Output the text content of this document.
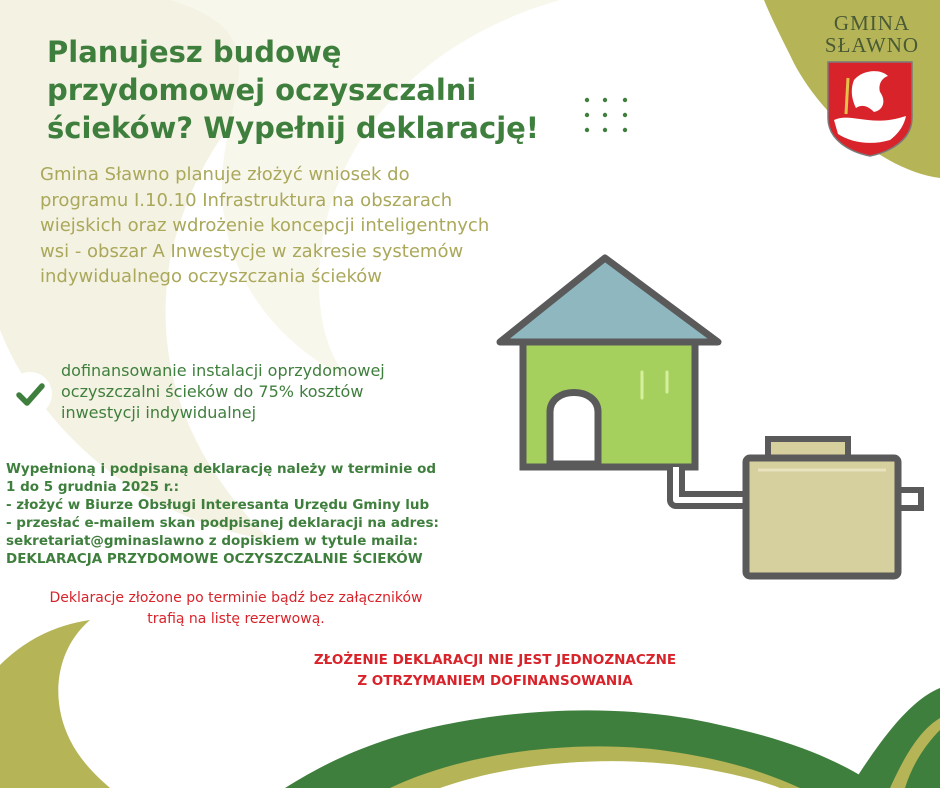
GMINA
SŁAWNO
Planujesz budowę
przydomowej oczyszczalni
ścieków? Wypełnij deklarację!

Gmina Sławno planuje złożyć wniosek do programu I.10.10 Infrastruktura na obszarach wiejskich oraz wdrożenie koncepcji inteligentnych wsi - obszar A Inwestycje w zakresie systemów indywidualnego oczyszczania ścieków

dofinansowanie instalacji oprzydomowej oczyszczalni ścieków do 75% kosztów inwestycji indywidualnej

Wypełnioną i podpisaną deklarację należy w terminie od
1 do 5 grudnia 2025 r.:
- złożyć w Biurze Obsługi Interesanta Urzędu Gminy lub
- przesłać e-mailem skan podpisanej deklaracji na adres:
sekretariat@gminaslawno z dopiskiem w tytule maila:
DEKLARACJA PRZYDOMOWE OCZYSZCZALNIE ŚCIEKÓW
Deklaracje złożone po terminie bądź bez załączników
trafią na listę rezerwową.
ZŁOŻENIE DEKLARACJI NIE JEST JEDNOZNACZNE
Z OTRZYMANIEM DOFINANSOWANIA
